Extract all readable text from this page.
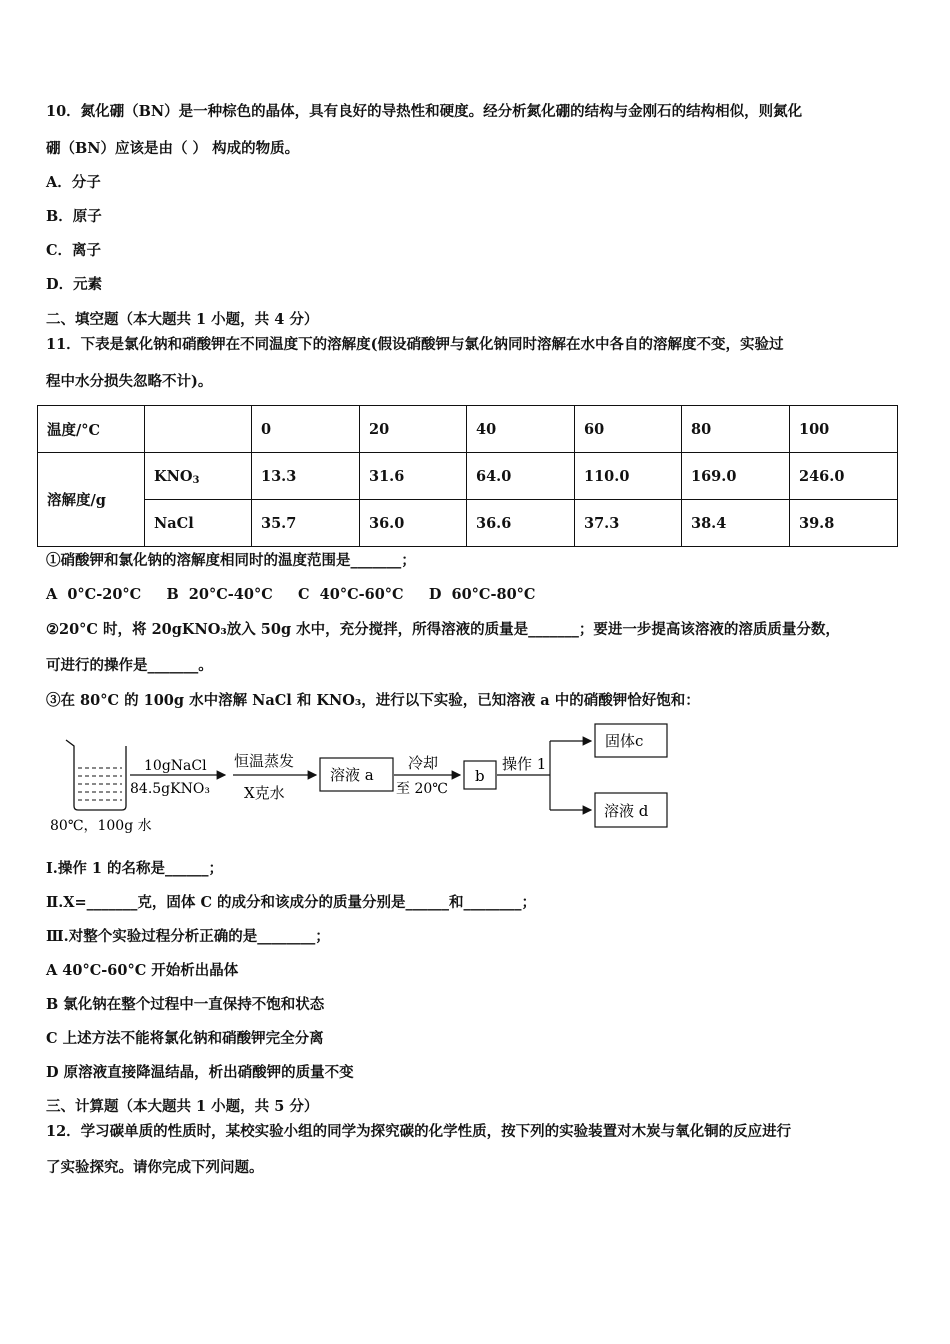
10．氮化硼（BN）是一种棕色的晶体，具有良好的导热性和硬度。经分析氮化硼的结构与金刚石的结构相似，则氮化
硼（BN）应该是由（ ） 构成的物质。
A．分子
B．原子
C．离子
D．元素
二、填空题（本大题共 1 小题，共 4 分）
11．下表是氯化钠和硝酸钾在不同温度下的溶解度(假设硝酸钾与氯化钠同时溶解在水中各自的溶解度不变，实验过
程中水分损失忽略不计)。
温度/°C		0	20	40	60	80	100
溶解度/g	$KNO_3$	13.3	31.6	64.0	110.0	169.0	246.0
	NaCl	35.7	36.0	36.6	37.3	38.4	39.8
①硝酸钾和氯化钠的溶解度相同时的温度范围是_______；
A  0°C-20°C     B  20°C-40°C     C  40°C-60°C     D  60°C-80°C
②20°C 时，将 20gKNO₃放入 50g 水中，充分搅拌，所得溶液的质量是_______；要进一步提高该溶液的溶质质量分数，
可进行的操作是_______。
③在 80°C 的 100g 水中溶解 NaCl 和 KNO₃，进行以下实验，已知溶液 a 中的硝酸钾恰好饱和：
80℃，100g 水
10gNaCl
84.5gKNO₃
恒温蒸发
X克水
溶液 a
冷却
至 20℃
b
操作 1
固体c
溶液 d
Ⅰ.操作 1 的名称是______；
Ⅱ.X=_______克，固体 C 的成分和该成分的质量分别是______和________；
Ⅲ.对整个实验过程分析正确的是________；
A 40°C-60°C 开始析出晶体
B 氯化钠在整个过程中一直保持不饱和状态
C 上述方法不能将氯化钠和硝酸钾完全分离
D 原溶液直接降温结晶，析出硝酸钾的质量不变
三、计算题（本大题共 1 小题，共 5 分）
12．学习碳单质的性质时，某校实验小组的同学为探究碳的化学性质，按下列的实验装置对木炭与氧化铜的反应进行
了实验探究。请你完成下列问题。
